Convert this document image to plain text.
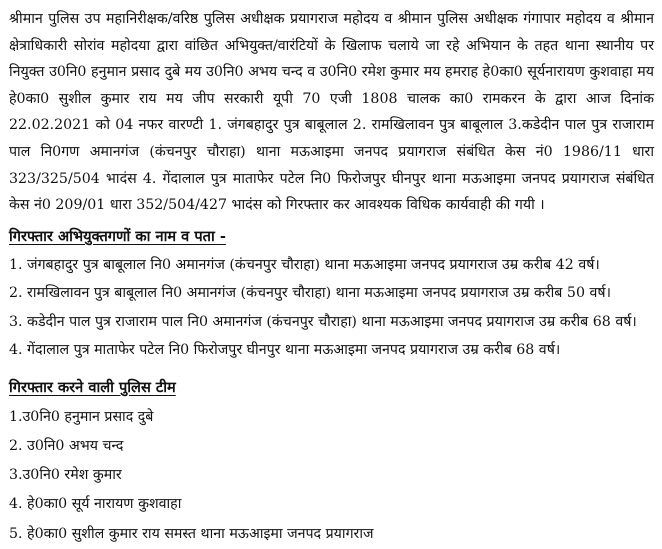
श्रीमान पुलिस उप महानिरीक्षक/वरिष्ठ पुलिस अधीक्षक प्रयागराज महोदय व श्रीमान पुलिस अधीक्षक गंगापार महोदय व श्रीमान क्षेत्राधिकारी सोरांव महोदया द्वारा वांछित अभियुक्त/वारंटियों के खिलाफ चलाये जा रहे अभियान के तहत थाना स्थानीय पर नियुक्त उ0नि0 हनुमान प्रसाद दुबे मय उ0नि0 अभय चन्द व उ0नि0 रमेश कुमार मय हमराह हे0का0 सूर्यनारायण कुशवाहा मय हे0का0 सुशील कुमार राय मय जीप सरकारी यूपी 70 एजी 1808 चालक का0 रामकरन के द्वारा आज दिनांक 22.02.2021 को 04 नफर वारण्टी 1. जंगबहादुर पुत्र बाबूलाल 2. रामखिलावन पुत्र बाबूलाल 3.कडेदीन पाल पुत्र राजाराम पाल नि0गण अमानगंज (कंचनपुर चौराहा) थाना मऊआइमा जनपद प्रयागराज संबंधित केस नं0 1986/11 धारा 323/325/504 भादंस 4. गेंदालाल पुत्र माताफेर पटेल नि0 फिरोजपुर घीनपुर थाना मऊआइमा जनपद प्रयागराज संबंधित केस नं0 209/01 धारा 352/504/427 भादंस को गिरफ्तार कर आवश्यक विधिक कार्यवाही की गयी ।

गिरफ्तार अभियुक्तगणों का नाम व पता -
1. जंगबहादुर पुत्र बाबूलाल नि0 अमानगंज (कंचनपुर चौराहा) थाना मऊआइमा जनपद प्रयागराज उम्र करीब 42 वर्ष।
2. रामखिलावन पुत्र बाबूलाल नि0 अमानगंज (कंचनपुर चौराहा) थाना मऊआइमा जनपद प्रयागराज उम्र करीब 50 वर्ष।
3. कडेदीन पाल पुत्र राजाराम पाल नि0 अमानगंज (कंचनपुर चौराहा) थाना मऊआइमा जनपद प्रयागराज उम्र करीब 68 वर्ष।
4. गेंदालाल पुत्र माताफेर पटेल नि0 फिरोजपुर घीनपुर थाना मऊआइमा जनपद प्रयागराज उम्र करीब 68 वर्ष।
गिरफ्तार करने वाली पुलिस टीम
1.उ0नि0 हनुमान प्रसाद दुबे
2. उ0नि0 अभय चन्द
3.उ0नि0 रमेश कुमार
4. हे0का0 सूर्य नारायण कुशवाहा
5. हे0का0 सुशील कुमार राय समस्त थाना मऊआइमा जनपद प्रयागराज
